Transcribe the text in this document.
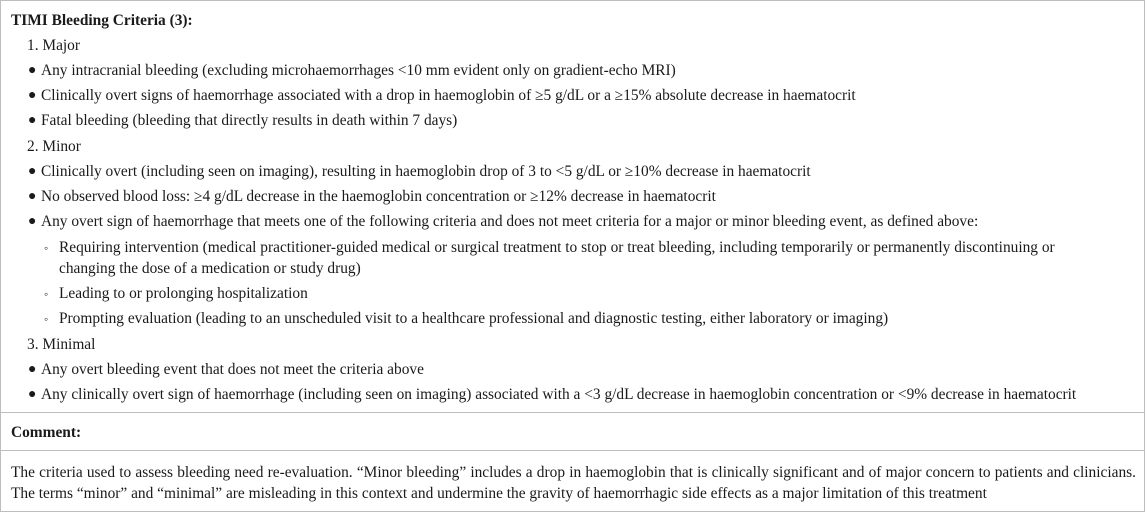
TIMI Bleeding Criteria (3):
1. Major
● Any intracranial bleeding (excluding microhaemorrhages <10 mm evident only on gradient-echo MRI)
● Clinically overt signs of haemorrhage associated with a drop in haemoglobin of ≥5 g/dL or a ≥15% absolute decrease in haematocrit
● Fatal bleeding (bleeding that directly results in death within 7 days)
2. Minor
● Clinically overt (including seen on imaging), resulting in haemoglobin drop of 3 to <5 g/dL or ≥10% decrease in haematocrit
● No observed blood loss: ≥4 g/dL decrease in the haemoglobin concentration or ≥12% decrease in haematocrit
● Any overt sign of haemorrhage that meets one of the following criteria and does not meet criteria for a major or minor bleeding event, as defined above:
◦ Requiring intervention (medical practitioner-guided medical or surgical treatment to stop or treat bleeding, including temporarily or permanently discontinuing or
changing the dose of a medication or study drug)
◦ Leading to or prolonging hospitalization
◦ Prompting evaluation (leading to an unscheduled visit to a healthcare professional and diagnostic testing, either laboratory or imaging)
3. Minimal
● Any overt bleeding event that does not meet the criteria above
● Any clinically overt sign of haemorrhage (including seen on imaging) associated with a <3 g/dL decrease in haemoglobin concentration or <9% decrease in haematocrit
Comment:
The criteria used to assess bleeding need re-evaluation. “Minor bleeding” includes a drop in haemoglobin that is clinically significant and of major concern to patients and clinicians. The terms “minor” and “minimal” are misleading in this context and undermine the gravity of haemorrhagic side effects as a major limitation of this treatment
